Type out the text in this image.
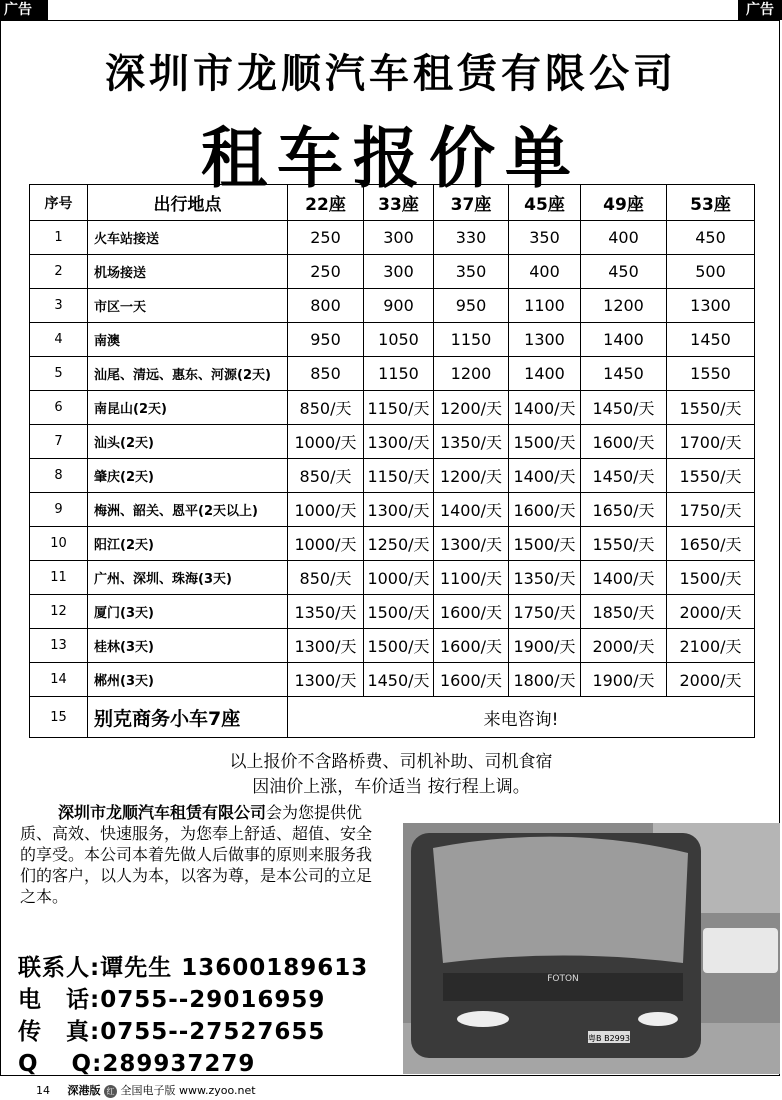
广告	广告
深圳市龙顺汽车租赁有限公司
租车报价单
序号	出行地点	22座	33座	37座	45座	49座	53座
1	火车站接送	250	300	330	350	400	450
2	机场接送	250	300	350	400	450	500
3	市区一天	800	900	950	1100	1200	1300
4	南澳	950	1050	1150	1300	1400	1450
5	汕尾、清远、惠东、河源(2天)	850	1150	1200	1400	1450	1550
6	南昆山(2天)	850/天	1150/天	1200/天	1400/天	1450/天	1550/天
7	汕头(2天)	1000/天	1300/天	1350/天	1500/天	1600/天	1700/天
8	肇庆(2天)	850/天	1150/天	1200/天	1400/天	1450/天	1550/天
9	梅洲、韶关、恩平(2天以上)	1000/天	1300/天	1400/天	1600/天	1650/天	1750/天
10	阳江(2天)	1000/天	1250/天	1300/天	1500/天	1550/天	1650/天
11	广州、深圳、珠海(3天)	850/天	1000/天	1100/天	1350/天	1400/天	1500/天
12	厦门(3天)	1350/天	1500/天	1600/天	1750/天	1850/天	2000/天
13	桂林(3天)	1300/天	1500/天	1600/天	1900/天	2000/天	2100/天
14	郴州(3天)	1300/天	1450/天	1600/天	1800/天	1900/天	2000/天
15	别克商务小车7座	来电咨询!					
以上报价不含路桥费、司机补助、司机食宿
因油价上涨，车价适当 按行程上调。
深圳市龙顺汽车租赁有限公司会为您提供优质、高效、快速服务，为您奉上舒适、超值、安全的享受。本公司本着先做人后做事的原则来服务我们的客户，以人为本，以客为尊，是本公司的立足之本。
联系人:谭先生 13600189613
电　话:0755--29016959
传　真:0755--27527655
Q　 Q:289937279
FOTON
粤B B2993
14 深港版 红 全国电子版 www.zyoo.net
